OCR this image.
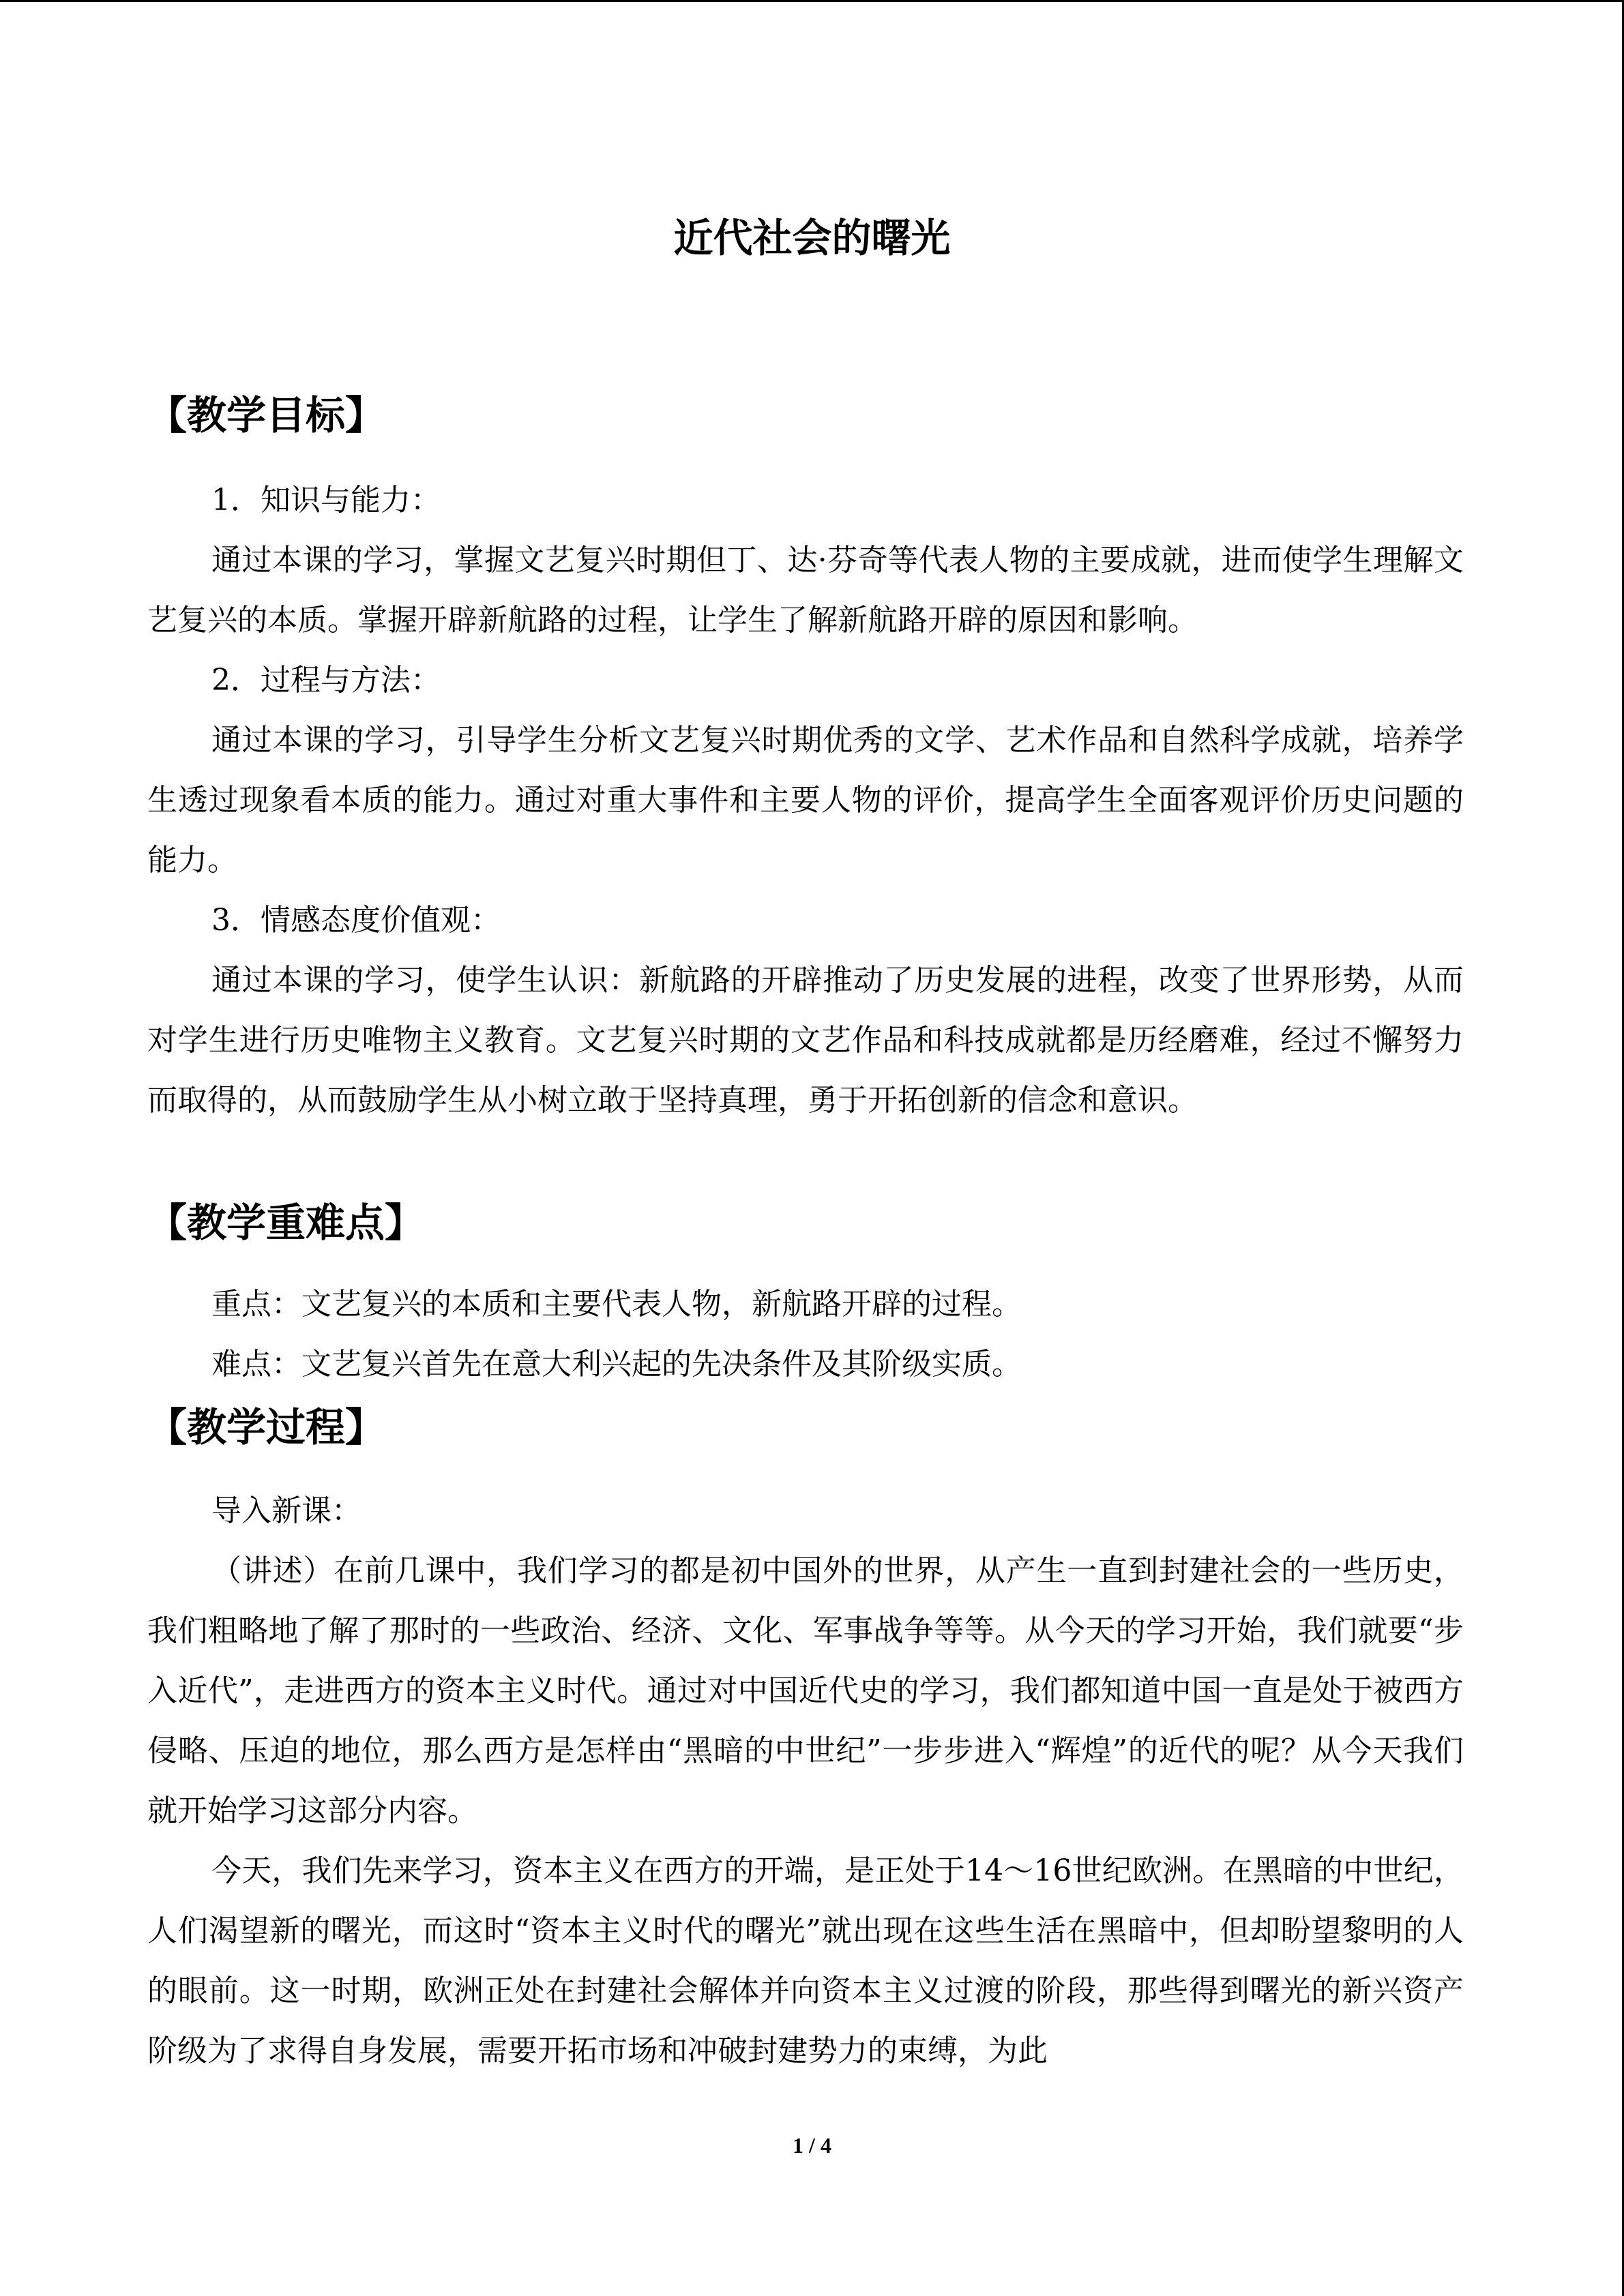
近代社会的曙光
【教学目标】

1．知识与能力：

通过本课的学习，掌握文艺复兴时期但丁、达·芬奇等代表人物的主要成就，进而使学生理解文艺复兴的本质。掌握开辟新航路的过程，让学生了解新航路开辟的原因和影响。

2．过程与方法：

通过本课的学习，引导学生分析文艺复兴时期优秀的文学、艺术作品和自然科学成就，培养学生透过现象看本质的能力。通过对重大事件和主要人物的评价，提高学生全面客观评价历史问题的能力。

3．情感态度价值观：

通过本课的学习，使学生认识：新航路的开辟推动了历史发展的进程，改变了世界形势，从而对学生进行历史唯物主义教育。文艺复兴时期的文艺作品和科技成就都是历经磨难，经过不懈努力而取得的，从而鼓励学生从小树立敢于坚持真理，勇于开拓创新的信念和意识。

【教学重难点】

重点：文艺复兴的本质和主要代表人物，新航路开辟的过程。

难点：文艺复兴首先在意大利兴起的先决条件及其阶级实质。

【教学过程】

导入新课：

（讲述）在前几课中，我们学习的都是初中国外的世界，从产生一直到封建社会的一些历史，我们粗略地了解了那时的一些政治、经济、文化、军事战争等等。从今天的学习开始，我们就要“步入近代”，走进西方的资本主义时代。通过对中国近代史的学习，我们都知道中国一直是处于被西方侵略、压迫的地位，那么西方是怎样由“黑暗的中世纪”一步步进入“辉煌”的近代的呢？从今天我们就开始学习这部分内容。

今天，我们先来学习，资本主义在西方的开端，是正处于14～16世纪欧洲。在黑暗的中世纪，人们渴望新的曙光，而这时“资本主义时代的曙光”就出现在这些生活在黑暗中，但却盼望黎明的人的眼前。这一时期，欧洲正处在封建社会解体并向资本主义过渡的阶段，那些得到曙光的新兴资产阶级为了求得自身发展，需要开拓市场和冲破封建势力的束缚，为此

1 / 4
